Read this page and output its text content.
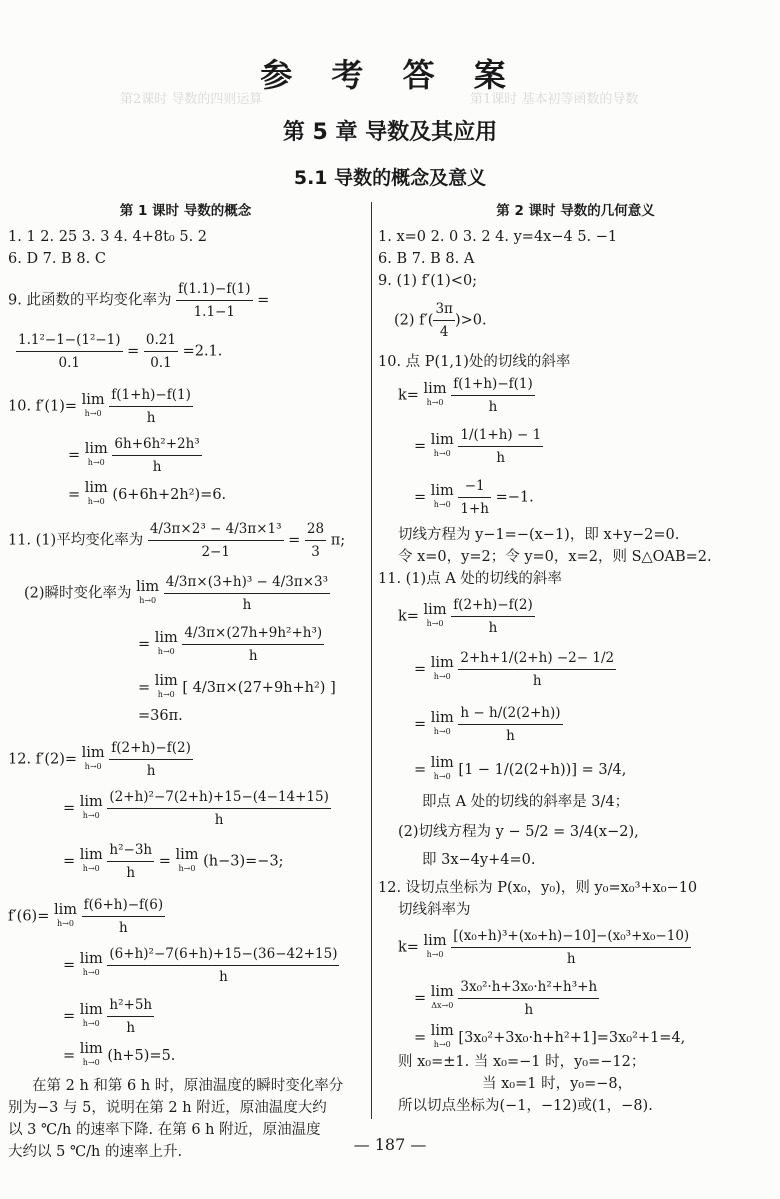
第1课时 基本初等函数的导数
第2课时 导数的四则运算
参 考 答 案
第 5 章 导数及其应用
5.1 导数的概念及意义
第 1 课时 导数的概念
1. 1 2. 25 3. 3 4. 4+8t₀ 5. 2
6. D 7. B 8. C
9. 此函数的平均变化率为 $\frac{f(1.1)-f(1)}{1.1-1}$ =
$\frac{\text{1.1²−1−(1²−1)}}{0.1} = \frac{0.21}{0.1} =2.1$.
10. f′(1)= lim
h→0
$\frac{f(1+h)-f(1)}{h}$
= lim
h→0
$\frac{\text{6h+6h²+2h³}}{h}$
= lim
h→0 (6+6h+2h²)=6.
11. (1)平均变化率为 $\frac{\text{4/3π×2³ − 4/3π×1³}}{2-1} = \frac{28}{3} \pi$;
(2)瞬时变化率为 lim
h→0
$\frac{\text{4/3π×(3+h)³ − 4/3π×3³}}{h}$
= lim
h→0
$\frac{\text{4/3π×(27h+9h²+h³)}}{h}$
= lim
h→0 [ 4/3π×(27+9h+h²) ]
=36π.
12. f′(2)= lim
h→0
$\frac{f(2+h)-f(2)}{h}$
= lim
h→0
$\frac{\text{(2+h)²−7(2+h)+15−(4−14+15)}}{h}$
= lim
h→0
$\frac{\text{h²−3h}}{h} = \lim$
h→0 (h−3)=−3;
f′(6)= lim
h→0
$\frac{f(6+h)-f(6)}{h}$
= lim
h→0
$\frac{\text{(6+h)²−7(6+h)+15−(36−42+15)}}{h}$
= lim
h→0
$\frac{\text{h²+5h}}{h}$
= lim
h→0 (h+5)=5.
在第 2 h 和第 6 h 时，原油温度的瞬时变化率分
别为−3 与 5，说明在第 2 h 附近，原油温度大约
以 3 ℃/h 的速率下降. 在第 6 h 附近，原油温度
大约以 5 ℃/h 的速率上升.
第 2 课时 导数的几何意义
1. x=0 2. 0 3. 2 4. y=4x−4 5. −1
6. B 7. B 8. A
9. (1) f′(1)<0;
(2) $f'( \frac{3\pi}{4} )>0$.
10. 点 P(1,1)处的切线的斜率
k= lim
h→0
$\frac{f(1+h)-f(1)}{h}$
= lim
h→0
$\frac{1/(1+h) - 1}{h}$
= lim
h→0
$\frac{-1}{1+h} =-1$.
切线方程为 y−1=−(x−1)，即 x+y−2=0.
令 x=0，y=2；令 y=0，x=2，则 S△OAB=2.
11. (1)点 A 处的切线的斜率
k= lim
h→0
$\frac{f(2+h)-f(2)}{h}$
= lim
h→0
$\frac{2+h+1/(2+h) -2- 1/2}{h}$
= lim
h→0
$\frac{h - h/(2(2+h))}{h}$
= lim
h→0 [1 − 1/(2(2+h))] = 3/4,
即点 A 处的切线的斜率是 3/4；
(2)切线方程为 y − 5/2 = 3/4(x−2),
即 3x−4y+4=0.
12. 设切点坐标为 P(x₀，y₀)，则 y₀=x₀³+x₀−10
切线斜率为
k= lim
h→0
$\frac{\text{[(x₀+h)³+(x₀+h)−10]−(x₀³+x₀−10)}}{h}$
= lim
Δx→0
$\frac{\text{3x₀²·h+3x₀·h²+h³+h}}{h}$
= lim
h→0 [3x₀²+3x₀·h+h²+1]=3x₀²+1=4,
则 x₀=±1. 当 x₀=−1 时，y₀=−12；
当 x₀=1 时，y₀=−8，
所以切点坐标为(−1，−12)或(1，−8).
— 187 —
